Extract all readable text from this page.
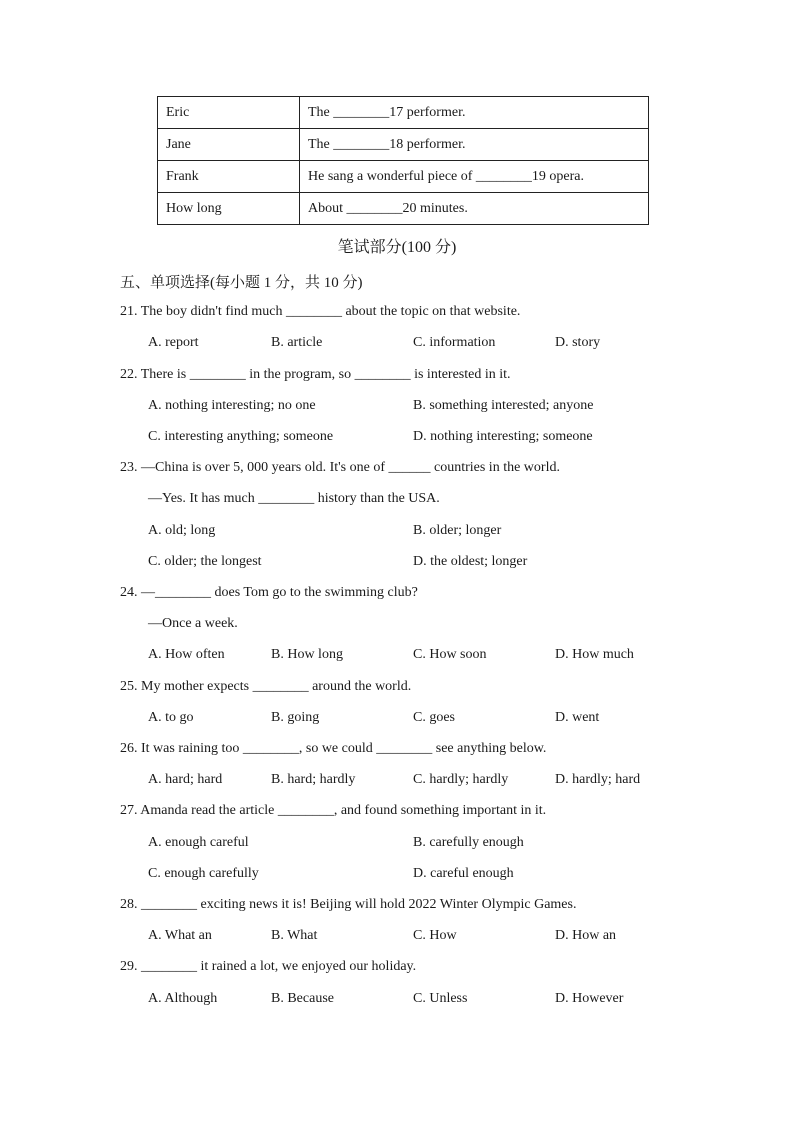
Eric	The ________17 performer.
Jane	The ________18 performer.
Frank	He sang a wonderful piece of ________19 opera.
How long	About ________20 minutes.
笔试部分(100 分)
五、单项选择(每小题 1 分，共 10 分)
21. The boy didn't find much ________ about the topic on that website.
A. report	B. article	C. information	D. story
22. There is ________ in the program, so ________ is interested in it.
A. nothing interesting; no one	B. something interested; anyone
C. interesting anything; someone	D. nothing interesting; someone
23. —China is over 5, 000 years old. It's one of ______ countries in the world.
—Yes. It has much ________ history than the USA.
A. old; long	B. older; longer
C. older; the longest	D. the oldest; longer
24. —________ does Tom go to the swimming club?
—Once a week.
A. How often	B. How long	C. How soon	D. How much
25. My mother expects ________ around the world.
A. to go	B. going	C. goes	D. went
26. It was raining too ________, so we could ________ see anything below.
A. hard; hard	B. hard; hardly	C. hardly; hardly	D. hardly; hard
27. Amanda read the article ________, and found something important in it.
A. enough careful	B. carefully enough
C. enough carefully	D. careful enough
28. ________ exciting news it is! Beijing will hold 2022 Winter Olympic Games.
A. What an	B. What	C. How	D. How an
29. ________ it rained a lot, we enjoyed our holiday.
A. Although	B. Because	C. Unless	D. However
